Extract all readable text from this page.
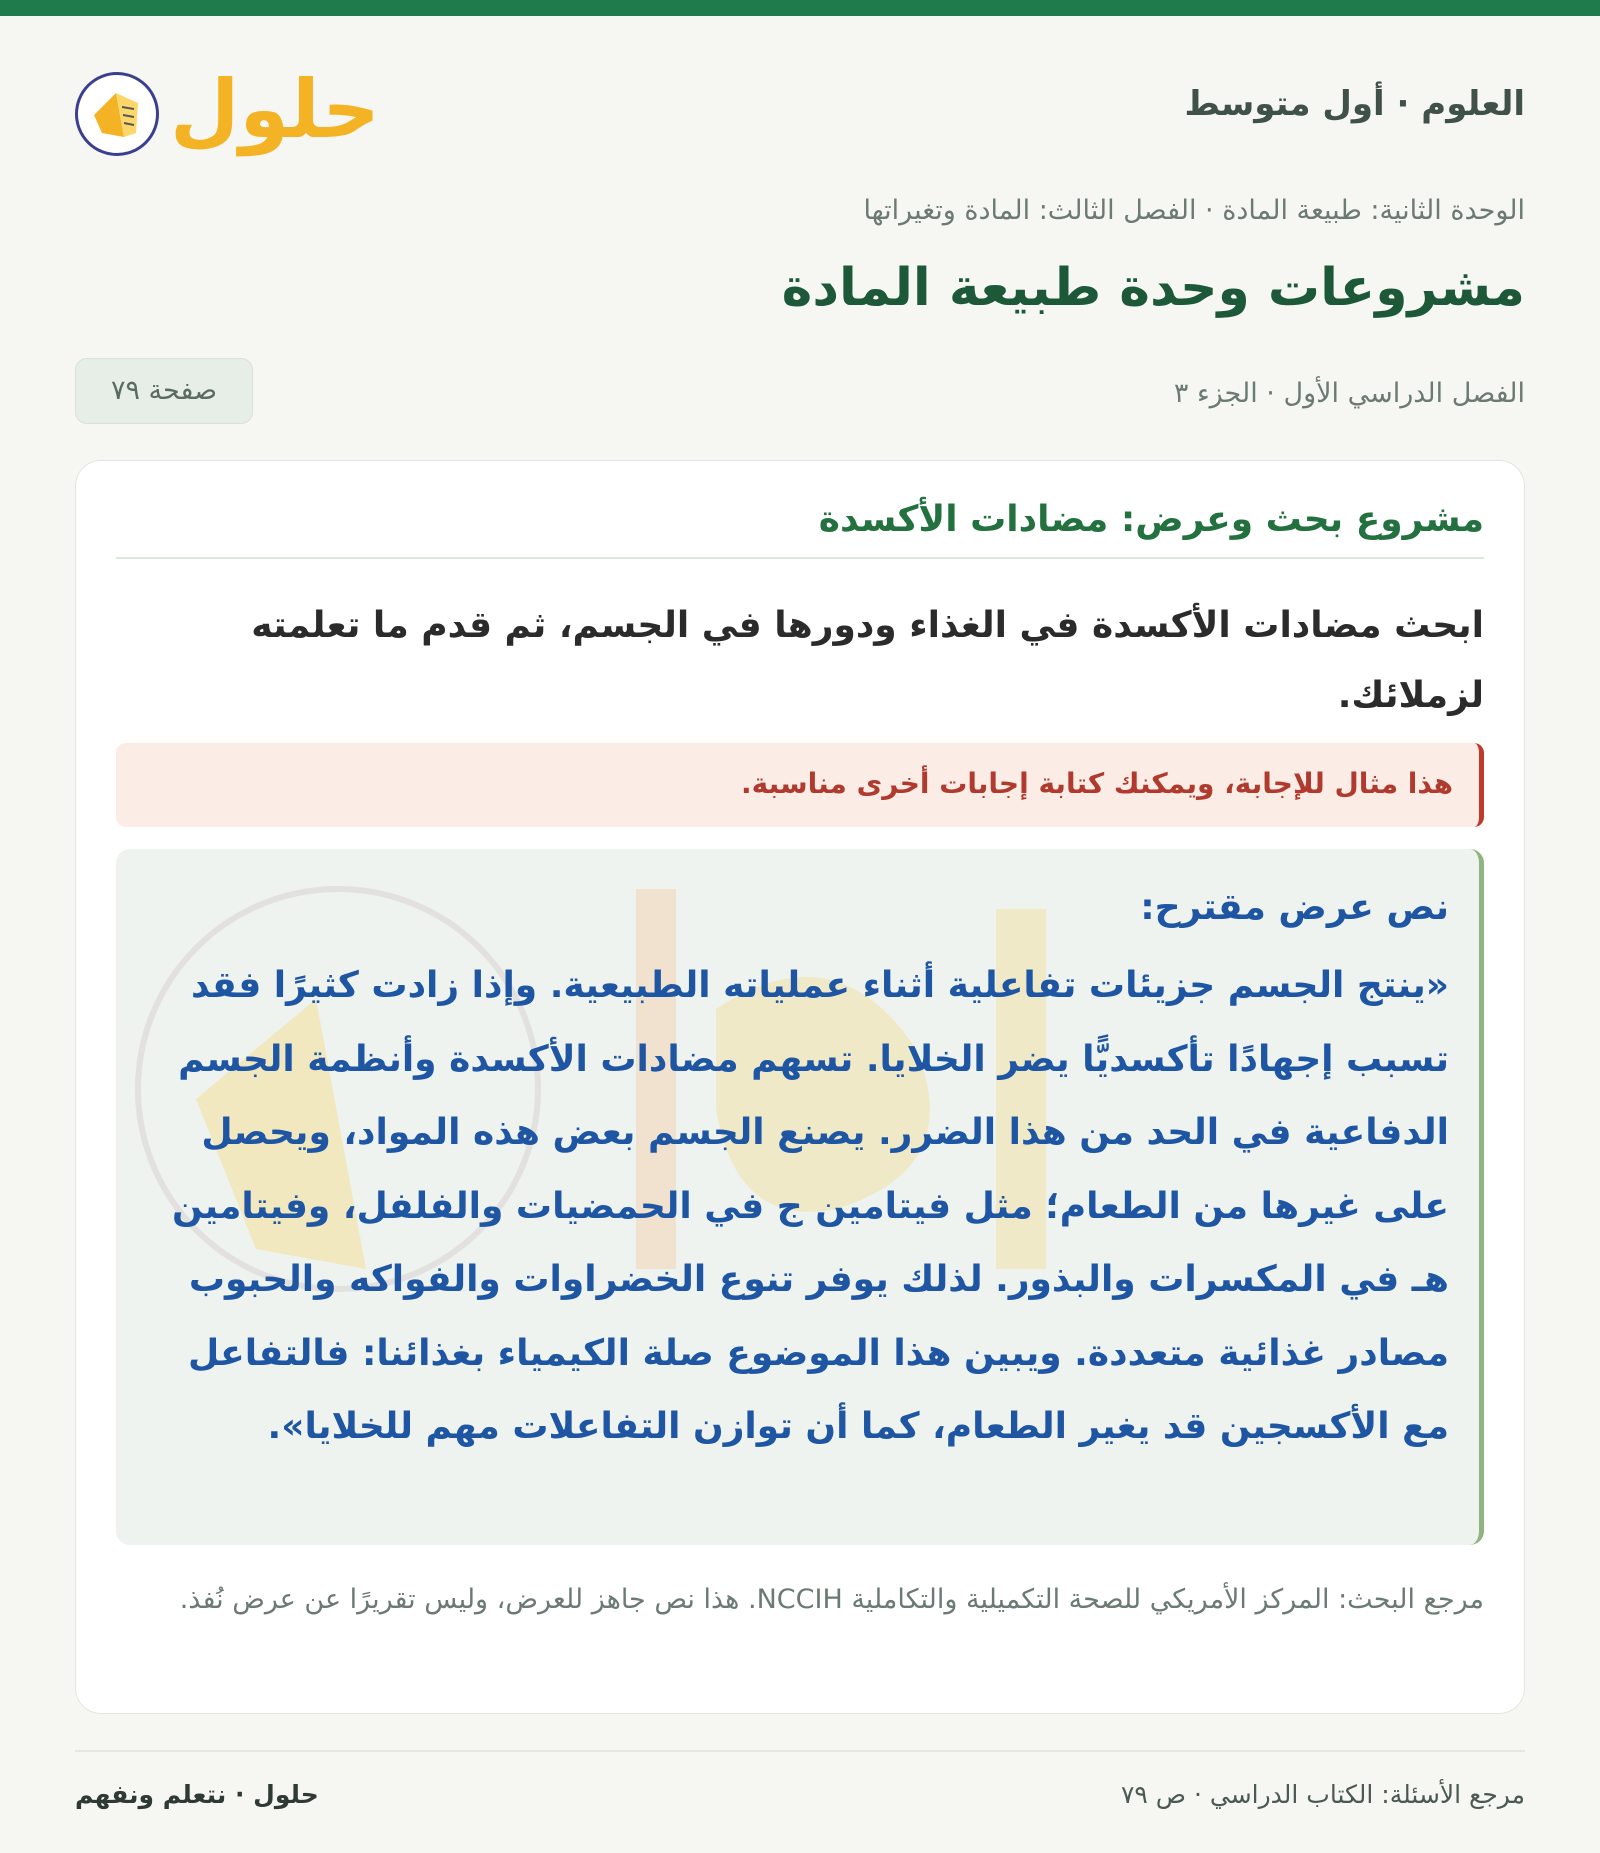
العلوم · أول متوسط
حلول
الوحدة الثانية: طبيعة المادة · الفصل الثالث: المادة وتغيراتها
مشروعات وحدة طبيعة المادة
الفصل الدراسي الأول · الجزء ٣
صفحة ٧٩
مشروع بحث وعرض: مضادات الأكسدة

ابحث مضادات الأكسدة في الغذاء ودورها في الجسم، ثم قدم ما تعلمته لزملائك.

هذا مثال للإجابة، ويمكنك كتابة إجابات أخرى مناسبة.
نص عرض مقترح:

«ينتج الجسم جزيئات تفاعلية أثناء عملياته الطبيعية. وإذا زادت كثيرًا فقد تسبب إجهادًا تأكسديًّا يضر الخلايا. تسهم مضادات الأكسدة وأنظمة الجسم الدفاعية في الحد من هذا الضرر. يصنع الجسم بعض هذه المواد، ويحصل على غيرها من الطعام؛ مثل فيتامين ج في الحمضيات والفلفل، وفيتامين هـ في المكسرات والبذور. لذلك يوفر تنوع الخضراوات والفواكه والحبوب مصادر غذائية متعددة. ويبين هذا الموضوع صلة الكيمياء بغذائنا: فالتفاعل مع الأكسجين قد يغير الطعام، كما أن توازن التفاعلات مهم للخلايا».

مرجع البحث: المركز الأمريكي للصحة التكميلية والتكاملية NCCIH. هذا نص جاهز للعرض، وليس تقريرًا عن عرض نُفذ.

مرجع الأسئلة: الكتاب الدراسي · ص ٧٩
حلول · نتعلم ونفهم
